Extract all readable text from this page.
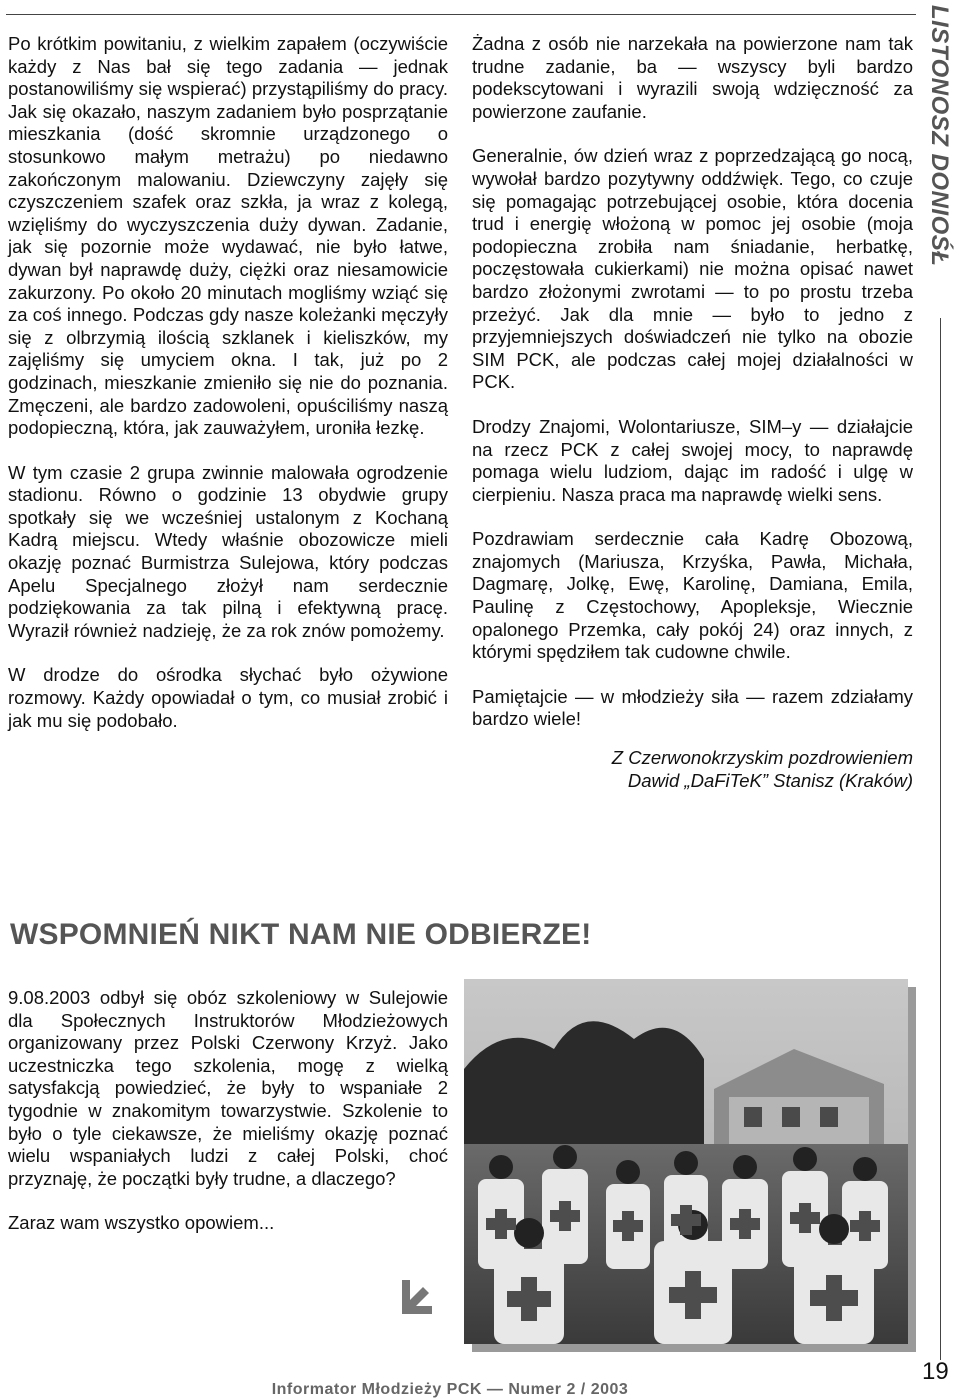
LISTONOSZ DONIOŚŁ

Po krótkim powitaniu, z wielkim zapałem (oczywiście każdy z Nas bał się tego zadania — jednak postanowiliśmy się wspierać) przystąpiliśmy do pracy. Jak się okazało, naszym zadaniem było posprzątanie mieszkania (dość skromnie urządzonego o stosunkowo małym metrażu) po niedawno zakończonym malowaniu. Dziewczyny zajęły się czyszczeniem szafek oraz szkła, ja wraz z kolegą, wzięliśmy do wyczyszczenia duży dywan. Zadanie, jak się pozornie może wydawać, nie było łatwe, dywan był naprawdę duży, ciężki oraz niesamowicie zakurzony. Po około 20 minutach mogliśmy wziąć się za coś innego. Podczas gdy nasze koleżanki męczyły się z olbrzymią ilością szklanek i kieliszków, my zajęliśmy się umyciem okna. I tak, już po 2 godzinach, mieszkanie zmieniło się nie do poznania. Zmęczeni, ale bardzo zadowoleni, opuściliśmy naszą podopieczną, która, jak zauważyłem, uroniła łezkę.

W tym czasie 2 grupa zwinnie malowała ogrodzenie stadionu. Równo o godzinie 13 obydwie grupy spotkały się we wcześniej ustalonym z Kochaną Kadrą miejscu. Wtedy właśnie obozowicze mieli okazję poznać Burmistrza Sulejowa, który podczas Apelu Specjalnego złożył nam serdecznie podziękowania za tak pilną i efektywną pracę. Wyraził również nadzieję, że za rok znów pomożemy.

W drodze do ośrodka słychać było ożywione rozmowy. Każdy opowiadał o tym, co musiał zrobić i jak mu się podobało.

Żadna z osób nie narzekała na powierzone nam tak trudne zadanie, ba — wszyscy byli bardzo podekscytowani i wyrazili swoją wdzięczność za powierzone zaufanie.

Generalnie, ów dzień wraz z poprzedzającą go nocą, wywołał bardzo pozytywny oddźwięk. Tego, co czuje się pomagając potrzebującej osobie, która docenia trud i energię włożoną w pomoc jej osobie (moja podopieczna zrobiła nam śniadanie, herbatkę, poczęstowała cukierkami) nie można opisać nawet bardzo złożonymi zwrotami — to po prostu trzeba przeżyć. Jak dla mnie — było to jedno z przyjemniejszych doświadczeń nie tylko na obozie SIM PCK, ale podczas całej mojej działalności w PCK.

Drodzy Znajomi, Wolontariusze, SIM–y — działajcie na rzecz PCK z całej swojej mocy, to naprawdę pomaga wielu ludziom, dając im radość i ulgę w cierpieniu. Nasza praca ma naprawdę wielki sens.

Pozdrawiam serdecznie cała Kadrę Obozową, znajomych (Mariusza, Krzyśka, Pawła, Michała, Dagmarę, Jolkę, Ewę, Karolinę, Damiana, Emila, Paulinę z Częstochowy, Apopleksje, Wiecznie opalonego Przemka, cały pokój 24) oraz innych, z którymi spędziłem tak cudowne chwile.

Pamiętajcie — w młodzieży siła — razem zdziałamy bardzo wiele!

Z Czerwonokrzyskim pozdrowieniem

Dawid „DaFiTeK” Stanisz (Kraków)

WSPOMNIEŃ NIKT NAM NIE ODBIERZE!

9.08.2003 odbył się obóz szkoleniowy w Sulejowie dla Społecznych Instruktorów Młodzieżowych organizowany przez Polski Czerwony Krzyż. Jako uczestniczka tego szkolenia, mogę z wielką satysfakcją powiedzieć, że były to wspaniałe 2 tygodnie w znakomitym towarzystwie. Szkolenie to było o tyle ciekawsze, że mieliśmy okazję poznać wielu wspaniałych ludzi z całej Polski, choć przyznaję, że początki były trudne, a dlaczego?

Zaraz wam wszystko opowiem...

19
Informator Młodzieży PCK — Numer 2 / 2003
